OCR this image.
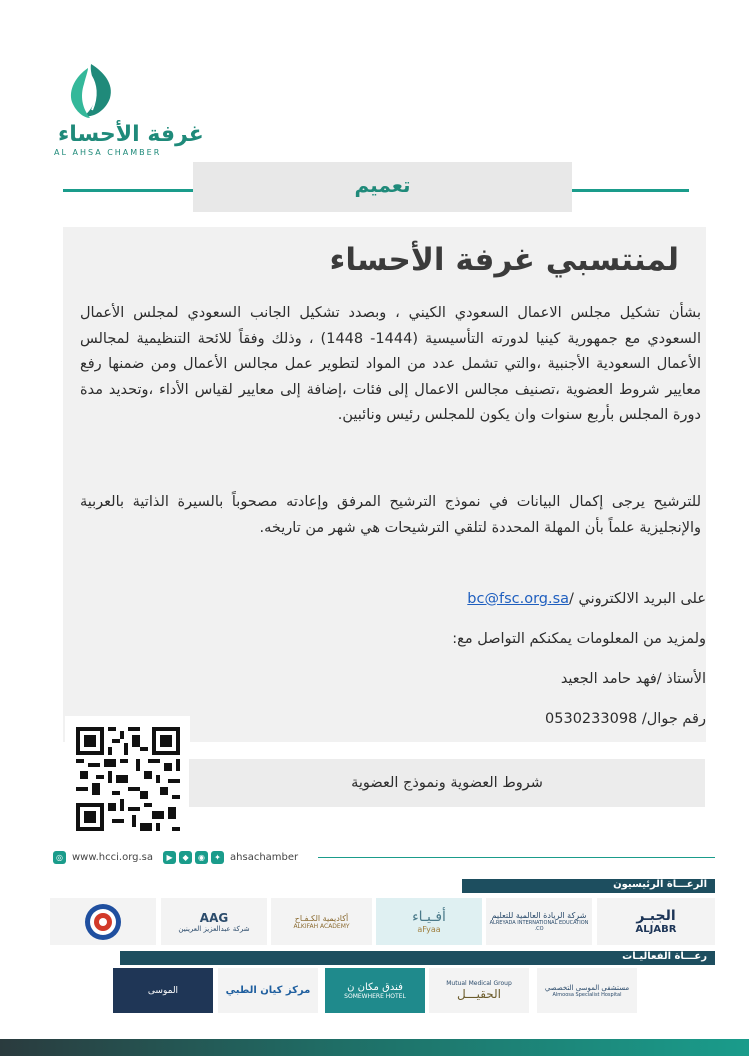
غرفة الأحساء
AL AHSA CHAMBER
تعميم
لمنتسبي غرفة الأحساء
بشأن تشكيل مجلس الاعمال السعودي الكيني ، وبصدد تشكيل الجانب السعودي لمجلس الأعمال السعودي مع جمهورية كينيا لدورته التأسيسية (1444- 1448) ، وذلك وفقاً للائحة التنظيمية لمجالس الأعمال السعودية الأجنبية ،والتي تشمل عدد من المواد لتطوير عمل مجالس الأعمال ومن ضمنها رفع معايير شروط العضوية ،تصنيف مجالس الاعمال إلى فئات ،إضافة إلى معايير لقياس الأداء ،وتحديد مدة دورة المجلس بأربع سنوات وان يكون للمجلس رئيس ونائبين.
للترشيح يرجى إكمال البيانات في نموذج الترشيح المرفق وإعادته مصحوباً بالسيرة الذاتية بالعربية والإنجليزية علماً بأن المهلة المحددة لتلقي الترشيحات هي شهر من تاريخه.
على البريد الالكتروني /bc@fsc.org.sa
ولمزيد من المعلومات يمكنكم التواصل مع:
الأستاذ /فهد حامد الجعيد
رقم جوال/ 0530233098
شروط العضوية ونموذج العضوية
◎ www.hcci.org.sa	▶	◆	◉	✦ ahsachamber
الرعـــاة الرئيسيون
الجبـر
ALJABR
شركة الريادة العالمية للتعليم
ALREYADA INTERNATIONAL EDUCATION CO.
أفـيـاء
aFyaa
أكاديمية الكـفـاح
ALKIFAH ACADEMY
AAG
شركة عبدالعزيز العرينين
رعـــاة الفعاليـات
مستشفى الموسى التخصصي
Almoosa Specialist Hospital
Mutual Medical Group
الحقيـــل
فندق مكان ن
SOMEWHERE HOTEL
مركز كيان الطبي
الموسى
